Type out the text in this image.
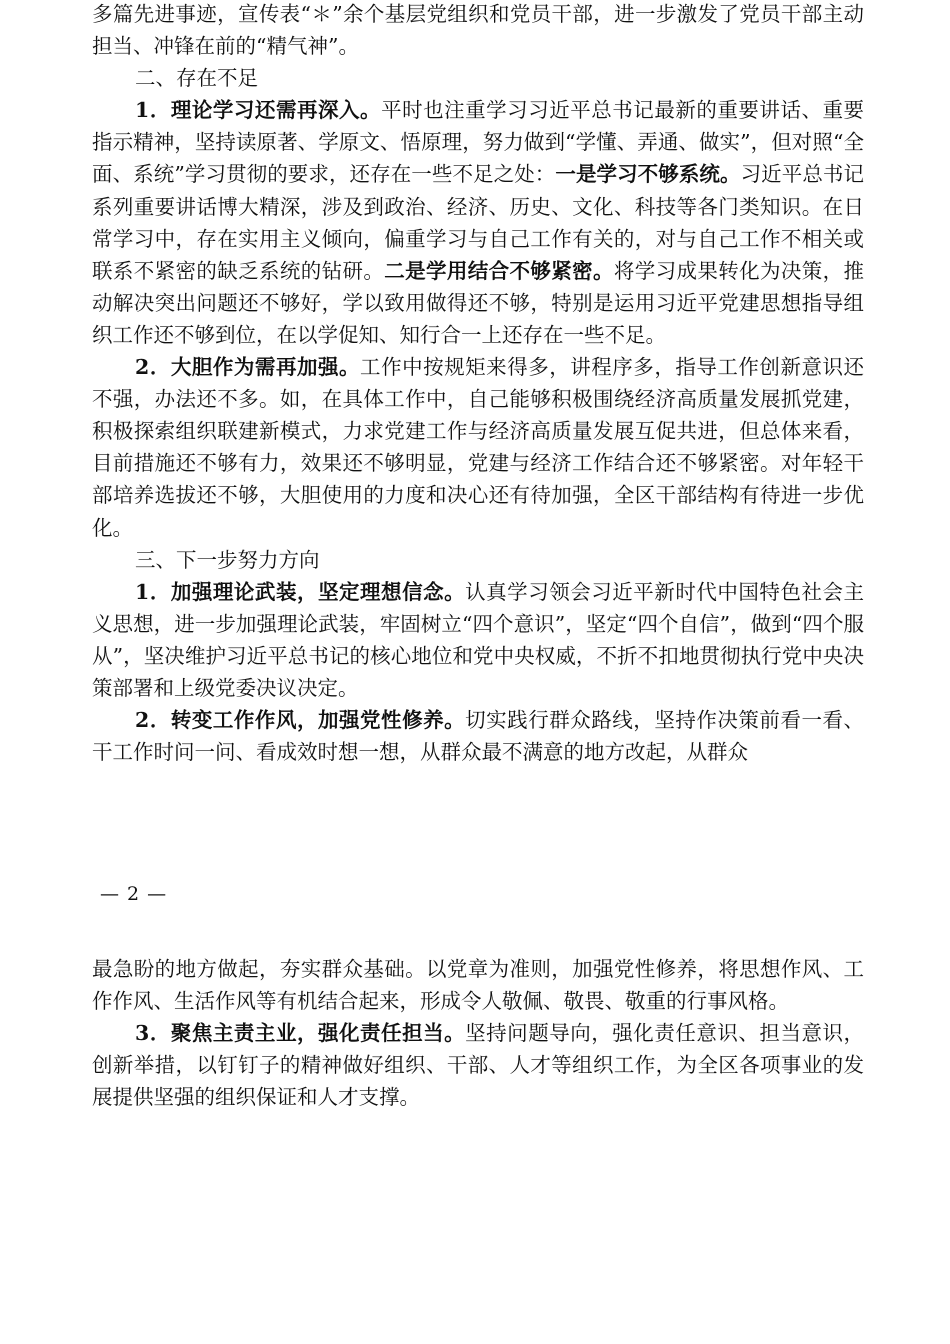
多篇先进事迹，宣传表“＊”余个基层党组织和党员干部，进一步激发了党员干部主动担当、冲锋在前的“精气神”。

二、存在不足

1．理论学习还需再深入。平时也注重学习习近平总书记最新的重要讲话、重要指示精神，坚持读原著、学原文、悟原理，努力做到“学懂、弄通、做实”，但对照“全面、系统”学习贯彻的要求，还存在一些不足之处：一是学习不够系统。习近平总书记系列重要讲话博大精深，涉及到政治、经济、历史、文化、科技等各门类知识。在日常学习中，存在实用主义倾向，偏重学习与自己工作有关的，对与自己工作不相关或联系不紧密的缺乏系统的钻研。二是学用结合不够紧密。将学习成果转化为决策，推动解决突出问题还不够好，学以致用做得还不够，特别是运用习近平党建思想指导组织工作还不够到位，在以学促知、知行合一上还存在一些不足。

2．大胆作为需再加强。工作中按规矩来得多，讲程序多，指导工作创新意识还不强，办法还不多。如，在具体工作中，自己能够积极围绕经济高质量发展抓党建，积极探索组织联建新模式，力求党建工作与经济高质量发展互促共进，但总体来看，目前措施还不够有力，效果还不够明显，党建与经济工作结合还不够紧密。对年轻干部培养选拔还不够，大胆使用的力度和决心还有待加强，全区干部结构有待进一步优化。

三、下一步努力方向

1．加强理论武装，坚定理想信念。认真学习领会习近平新时代中国特色社会主义思想，进一步加强理论武装，牢固树立“四个意识”，坚定“四个自信”，做到“四个服从”，坚决维护习近平总书记的核心地位和党中央权威，不折不扣地贯彻执行党中央决策部署和上级党委决议决定。

2．转变工作作风，加强党性修养。切实践行群众路线，坚持作决策前看一看、干工作时问一问、看成效时想一想，从群众最不满意的地方改起，从群众

— 2 —

最急盼的地方做起，夯实群众基础。以党章为准则，加强党性修养，将思想作风、工作作风、生活作风等有机结合起来，形成令人敬佩、敬畏、敬重的行事风格。

3．聚焦主责主业，强化责任担当。坚持问题导向，强化责任意识、担当意识，创新举措，以钉钉子的精神做好组织、干部、人才等组织工作，为全区各项事业的发展提供坚强的组织保证和人才支撑。
